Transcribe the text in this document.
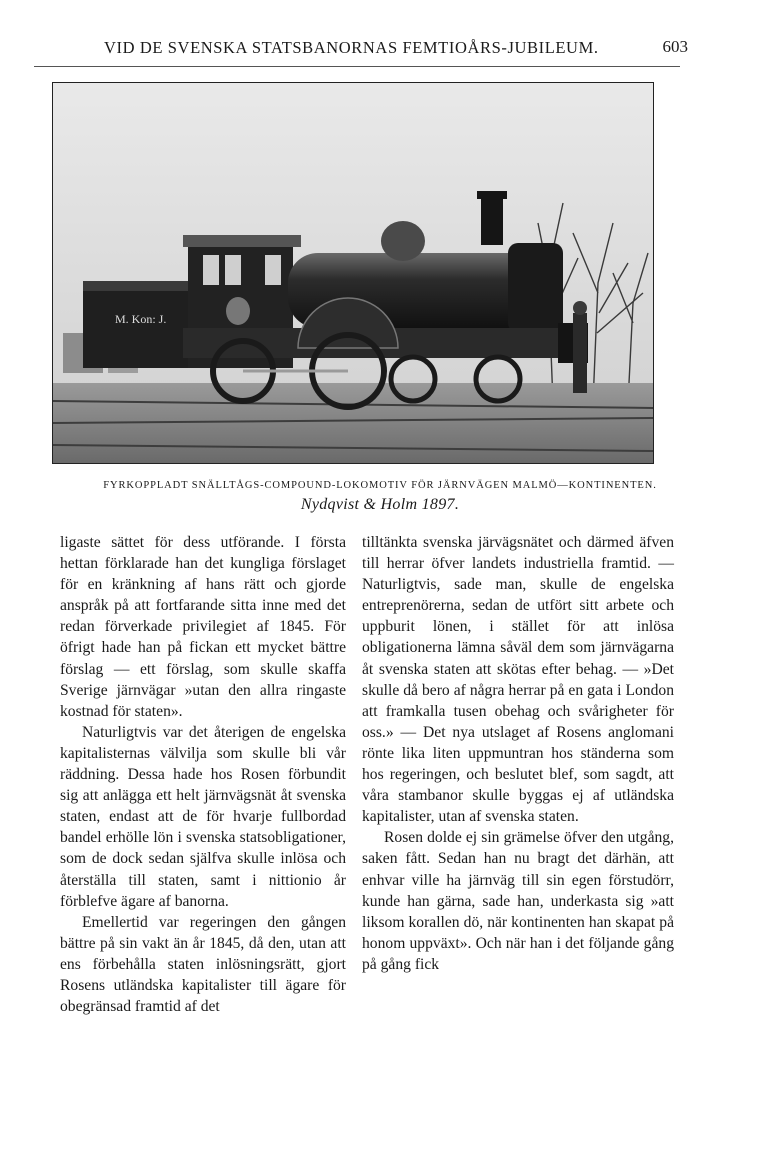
VID DE SVENSKA STATSBANORNAS FEMTIOÅRS-JUBILEUM.	603
M. Kon: J.
FYRKOPPLADT SNÄLLTÅGS-COMPOUND-LOKOMOTIV FÖR JÄRNVÄGEN MALMÖ—KONTINENTEN.
Nydqvist & Holm 1897.

ligaste sättet för dess utförande. I första hettan förklarade han det kungliga förslaget för en kränkning af hans rätt och gjorde anspråk på att fortfarande sitta inne med det redan förverkade privilegiet af 1845. För öfrigt hade han på fickan ett mycket bättre förslag — ett förslag, som skulle skaffa Sverige järnvägar »utan den allra ringaste kostnad för staten».

Naturligtvis var det återigen de engelska kapitalisternas välvilja som skulle bli vår räddning. Dessa hade hos Rosen förbundit sig att anlägga ett helt järnvägsnät åt svenska staten, endast att de för hvarje fullbordad bandel erhölle lön i svenska statsobligationer, som de dock sedan själfva skulle inlösa och återställa till staten, samt i nittionio år förblefve ägare af banorna.

Emellertid var regeringen den gången bättre på sin vakt än år 1845, då den, utan att ens förbehålla staten inlösningsrätt, gjort Rosens utländska kapitalister till ägare för obegränsad framtid af det

tilltänkta svenska järvägsnätet och därmed äfven till herrar öfver landets industriella framtid. — Naturligtvis, sade man, skulle de engelska entreprenörerna, sedan de utfört sitt arbete och uppburit lönen, i stället för att inlösa obligationerna lämna såväl dem som järnvägarna åt svenska staten att skötas efter behag. — »Det skulle då bero af några herrar på en gata i London att framkalla tusen obehag och svårigheter för oss.» — Det nya utslaget af Rosens anglomani rönte lika liten uppmuntran hos ständerna som hos regeringen, och beslutet blef, som sagdt, att våra stambanor skulle byggas ej af utländska kapitalister, utan af svenska staten.

Rosen dolde ej sin grämelse öfver den utgång, saken fått. Sedan han nu bragt det därhän, att enhvar ville ha järnväg till sin egen förstudörr, kunde han gärna, sade han, underkasta sig »att liksom korallen dö, när kontinenten han skapat på honom uppväxt». Och när han i det följande gång på gång fick
